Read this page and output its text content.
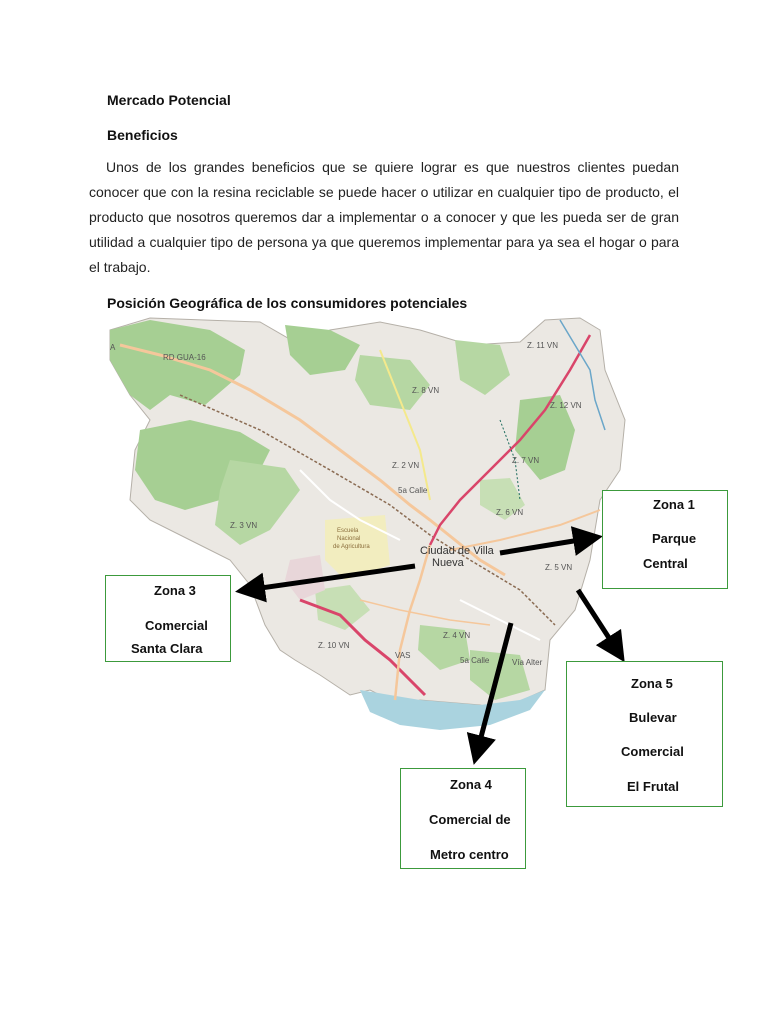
Mercado Potencial
Beneficios
Unos de los grandes beneficios que se quiere lograr es que nuestros clientes puedan conocer que con la resina reciclable se puede hacer o utilizar en cualquier tipo de producto, el producto que nosotros queremos dar a implementar o a conocer y que les pueda ser de gran utilidad a cualquier tipo de persona ya que queremos implementar para ya sea el hogar o para el trabajo.
Posición Geográfica de los consumidores potenciales
RD GUA-16
A	Z. 11 VN
Z. 12 VN
Z. 8 VN
Z. 7 VN
Z. 2 VN
Z. 6 VN
Z. 3 VN
Z. 5 VN
Z. 4 VN
Z. 10 VN
5a Calle
5a Calle
VAS
Vía Alter
Escuela
Nacional
de Agricultura	Ciudad de Villa
Nueva
Zona 1
Parque
Central
Zona 3
Comercial
Santa Clara
Zona 4
Comercial de
Metro centro
Zona 5
Bulevar
Comercial
El Frutal
